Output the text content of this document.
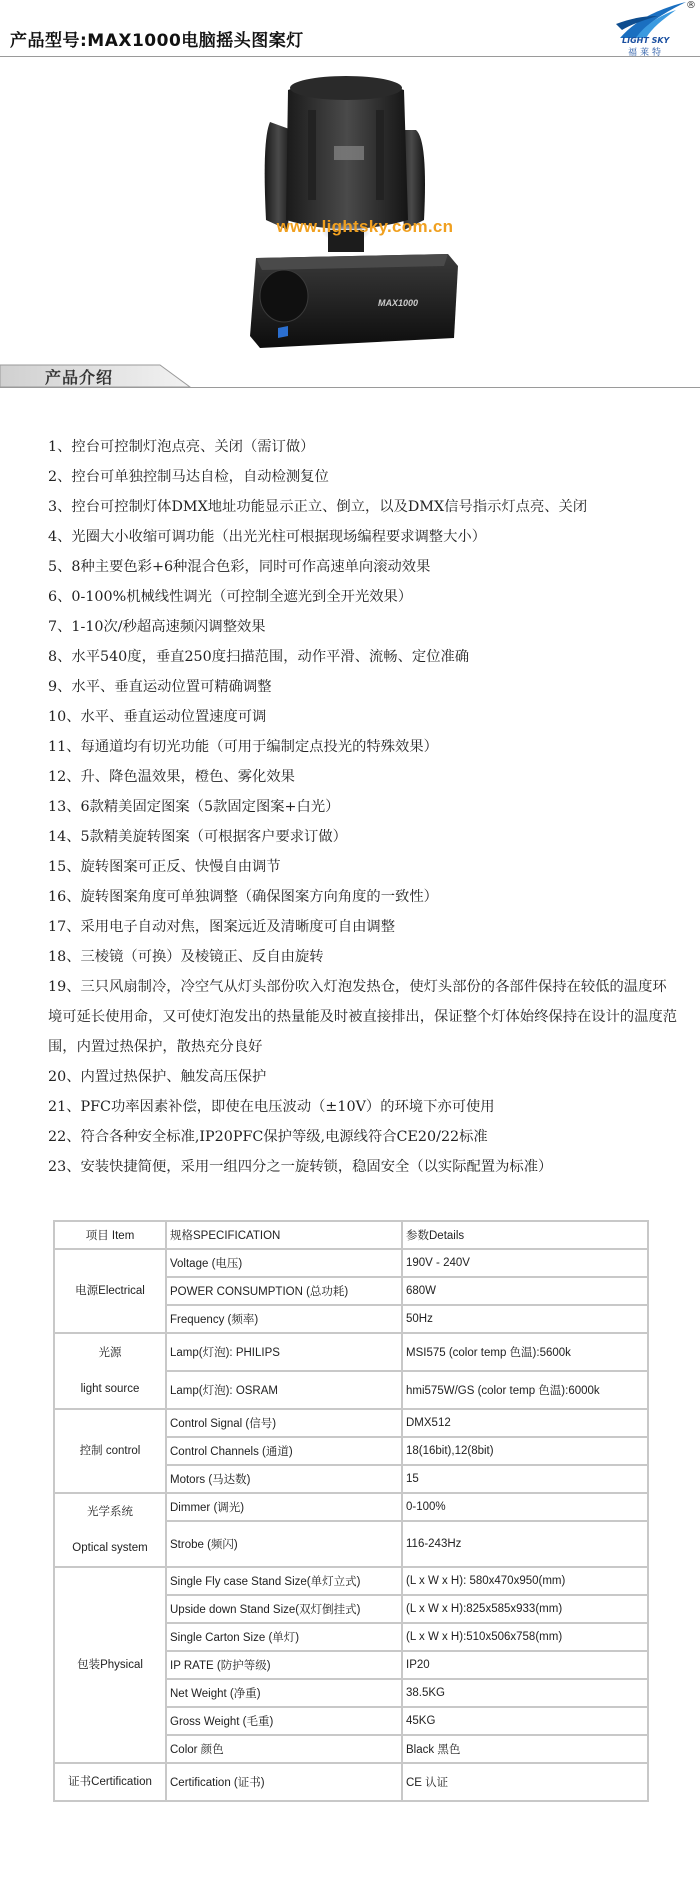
产品型号:MAX1000电脑摇头图案灯
®
LIGHT SKY
福莱特
MAX1000
www.lightsky.com.cn
产品介绍
1、控台可控制灯泡点亮、关闭（需订做）
2、控台可单独控制马达自检，自动检测复位
3、控台可控制灯体DMX地址功能显示正立、倒立，以及DMX信号指示灯点亮、关闭
4、光圈大小收缩可调功能（出光光柱可根据现场编程要求调整大小）
5、8种主要色彩+6种混合色彩，同时可作高速单向滚动效果
6、0-100%机械线性调光（可控制全遮光到全开光效果）
7、1-10次/秒超高速频闪调整效果
8、水平540度，垂直250度扫描范围，动作平滑、流畅、定位准确
9、水平、垂直运动位置可精确调整
10、水平、垂直运动位置速度可调
11、每通道均有切光功能（可用于编制定点投光的特殊效果）
12、升、降色温效果，橙色、雾化效果
13、6款精美固定图案（5款固定图案+白光）
14、5款精美旋转图案（可根据客户要求订做）
15、旋转图案可正反、快慢自由调节
16、旋转图案角度可单独调整（确保图案方向角度的一致性）
17、采用电子自动对焦，图案远近及清晰度可自由调整
18、三棱镜（可换）及棱镜正、反自由旋转
19、三只风扇制冷，冷空气从灯头部份吹入灯泡发热仓，使灯头部份的各部件保持在较低的温度环境可延长使用命，又可使灯泡发出的热量能及时被直接排出，保证整个灯体始终保持在设计的温度范围，内置过热保护，散热充分良好
20、内置过热保护、触发高压保护
21、PFC功率因素补偿，即使在电压波动（±10V）的环境下亦可使用
22、符合各种安全标准,IP20PFC保护等级,电源线符合CE20/22标准
23、安装快捷简便，采用一组四分之一旋转锁，稳固安全（以实际配置为标准）
项目 Item	规格SPECIFICATION	参数Details
电源Electrical	Voltage (电压)	190V - 240V
	POWER CONSUMPTION (总功耗)	680W
	Frequency (频率)	50Hz

光源
light source	Lamp(灯泡): PHILIPS	MSI575 (color temp 色温):5600k
	Lamp(灯泡): OSRAM	hmi575W/GS (color temp 色温):6000k
控制 control	Control Signal (信号)	DMX512
	Control Channels (通道)	18(16bit),12(8bit)
	Motors (马达数)	15

光学系统
Optical system	Dimmer (调光)	0-100%
	Strobe (频闪)	116-243Hz
包装Physical	Single Fly case Stand Size(单灯立式)	(L x W x H): 580x470x950(mm)
	Upside down Stand Size(双灯倒挂式)	(L x W x H):825x585x933(mm)
	Single Carton Size (单灯)	(L x W x H):510x506x758(mm)
	IP RATE (防护等级)	IP20
	Net Weight (净重)	38.5KG
	Gross Weight (毛重)	45KG
	Color 颜色	Black 黑色
证书Certification	Certification (证书)	CE 认证
